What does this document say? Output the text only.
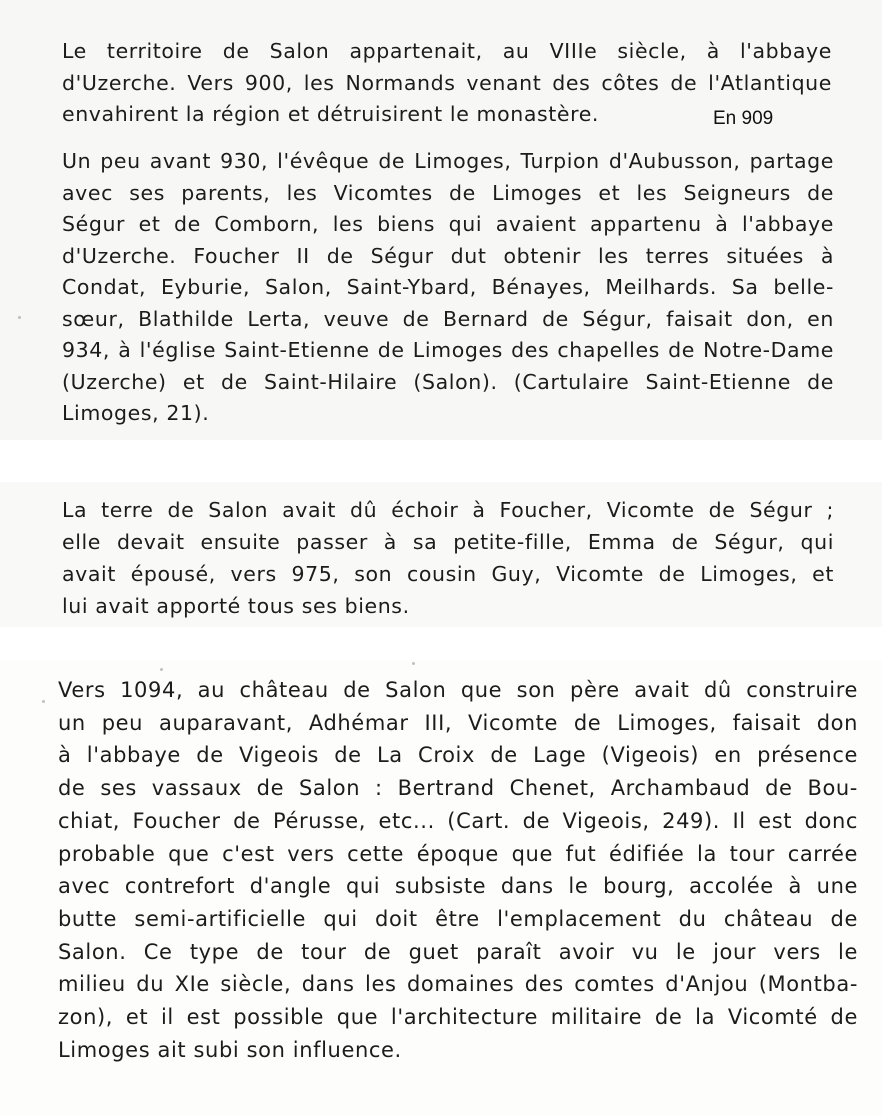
Le territoire de Salon appartenait, au VIIIe siècle, à l'abbaye
d'Uzerche. Vers 900, les Normands venant des côtes de l'Atlantique
envahirent la région et détruisirent le monastère.	En 909

Un peu avant 930, l'évêque de Limoges, Turpion d'Aubusson, partage
avec ses parents, les Vicomtes de Limoges et les Seigneurs de
Ségur et de Comborn, les biens qui avaient appartenu à l'abbaye
d'Uzerche. Foucher II de Ségur dut obtenir les terres situées à
Condat, Eyburie, Salon, Saint-Ybard, Bénayes, Meilhards. Sa belle-
sœur, Blathilde Lerta, veuve de Bernard de Ségur, faisait don, en
934, à l'église Saint-Etienne de Limoges des chapelles de Notre-Dame
(Uzerche) et de Saint-Hilaire (Salon). (Cartulaire Saint-Etienne de
Limoges, 21).

La terre de Salon avait dû échoir à Foucher, Vicomte de Ségur ;
elle devait ensuite passer à sa petite-fille, Emma de Ségur, qui
avait épousé, vers 975, son cousin Guy, Vicomte de Limoges, et
lui avait apporté tous ses biens.

Vers 1094, au château de Salon que son père avait dû construire
un peu auparavant, Adhémar III, Vicomte de Limoges, faisait don
à l'abbaye de Vigeois de La Croix de Lage (Vigeois) en présence
de ses vassaux de Salon : Bertrand Chenet, Archambaud de Bou-
chiat, Foucher de Pérusse, etc... (Cart. de Vigeois, 249). Il est donc
probable que c'est vers cette époque que fut édifiée la tour carrée
avec contrefort d'angle qui subsiste dans le bourg, accolée à une
butte semi-artificielle qui doit être l'emplacement du château de
Salon. Ce type de tour de guet paraît avoir vu le jour vers le
milieu du XIe siècle, dans les domaines des comtes d'Anjou (Montba-
zon), et il est possible que l'architecture militaire de la Vicomté de
Limoges ait subi son influence.
